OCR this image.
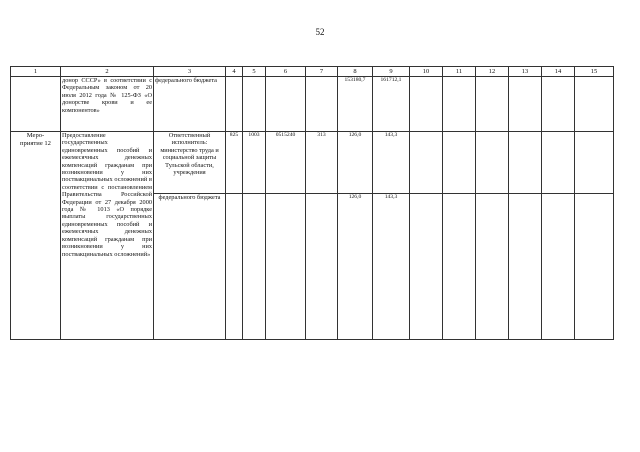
52
1	2	3	4	5	6	7	8	9	10	11	12	13	14	15
	донор СССР» в соответствии с Федеральным законом от 20 июля 2012 года № 125-ФЗ «О донорстве крови и ее компонентов»	федерального бюджета					153180,7	161712,1						
Меро-
приятие 12	Предоставление государственных единовременных пособий и ежемесячных денежных компенсаций гражданам при возникновении у них поствакцинальных осложнений в соответствии с постановлением Правительства Российской Федерации от 27 декабря 2000 года № 1013 «О порядке выплаты государственных единовременных пособий и ежемесячных денежных компенсаций гражданам при возникновении у них поствакцинальных осложнений»	Ответственный исполнитель: министерство труда и социальной защиты Тульской области, учреждения	825	1003	0515240	313	126,0	143,3						
		федерального бюджета					126,0	143,3						
